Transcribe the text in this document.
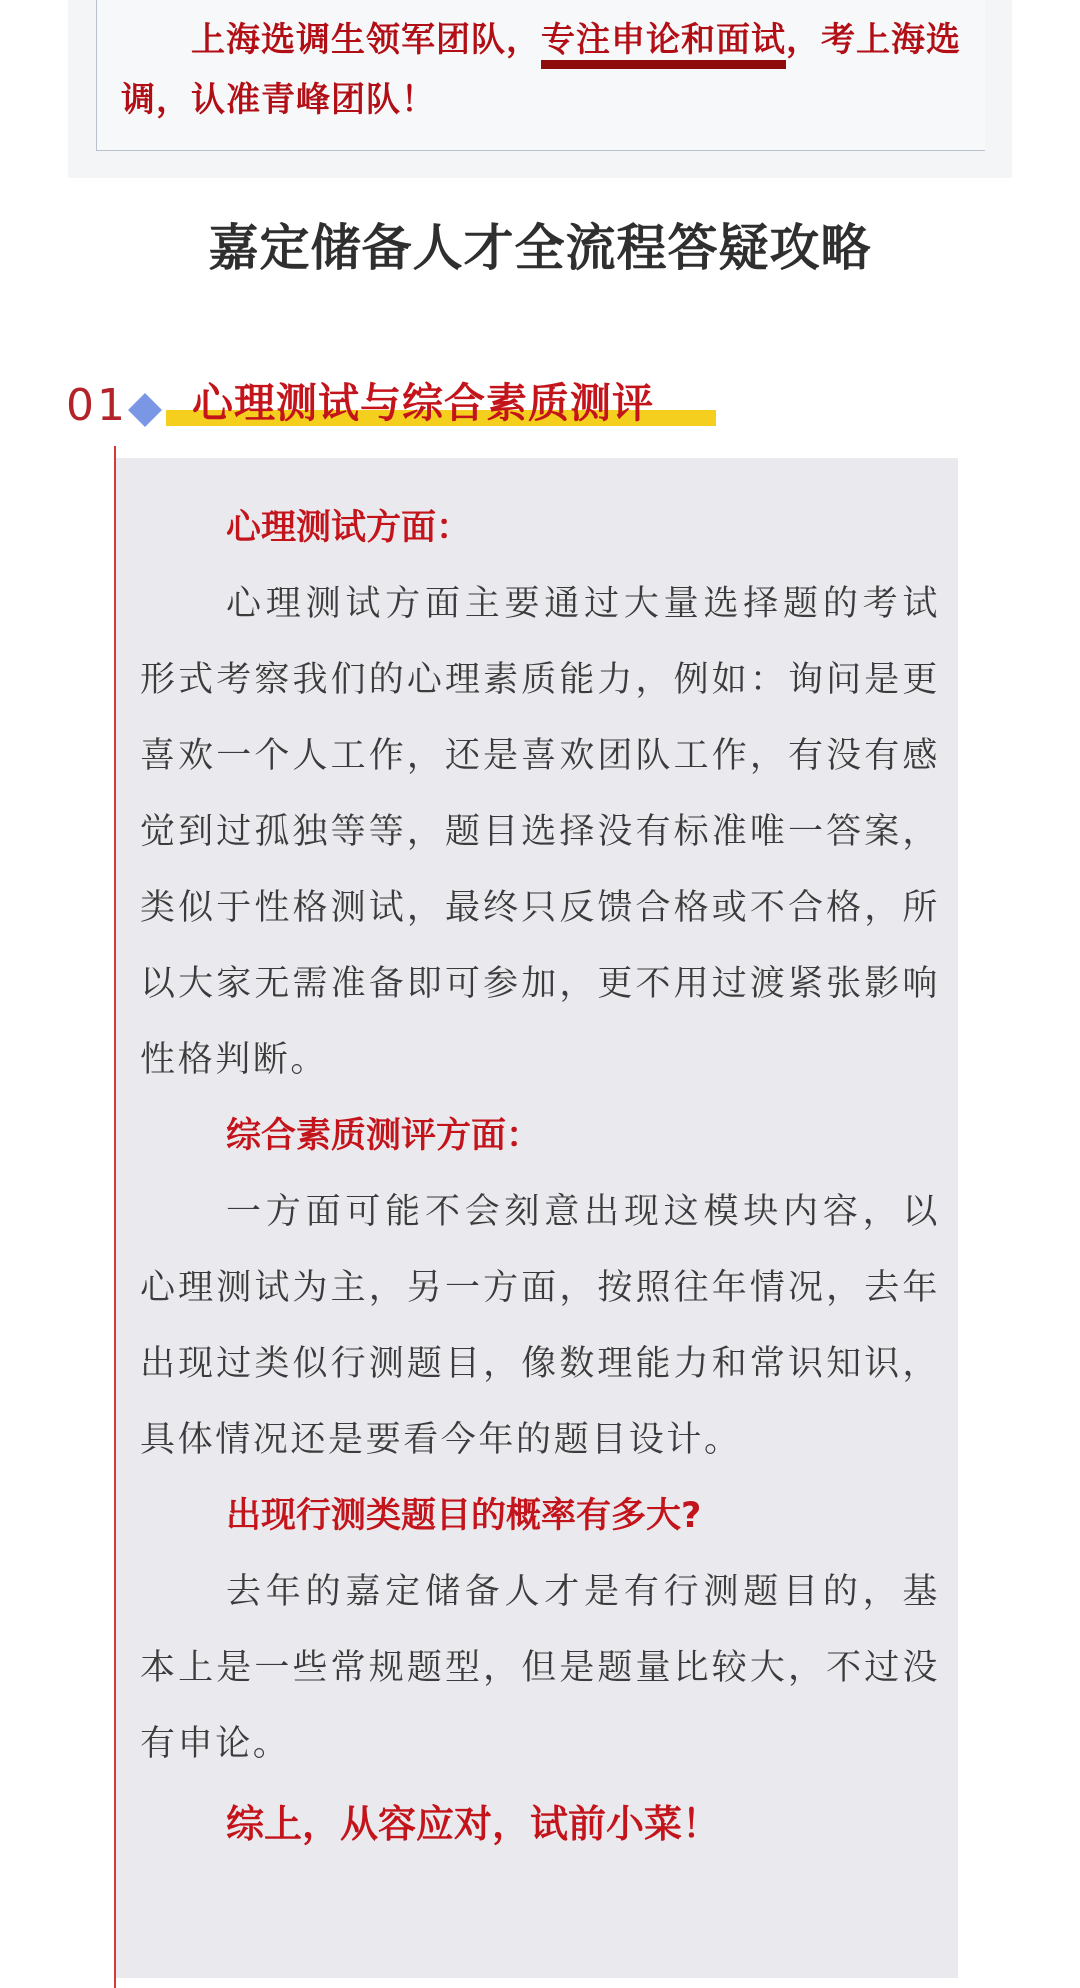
上海选调生领军团队，专注申论和面试，考上海选调，认准青峰团队！
嘉定储备人才全流程答疑攻略
01 心理测试与综合素质测评

心理测试方面：

心理测试方面主要通过大量选择题的考试形式考察我们的心理素质能力，例如：询问是更喜欢一个人工作，还是喜欢团队工作，有没有感觉到过孤独等等，题目选择没有标准唯一答案，类似于性格测试，最终只反馈合格或不合格，所以大家无需准备即可参加，更不用过渡紧张影响性格判断。

综合素质测评方面：

一方面可能不会刻意出现这模块内容，以心理测试为主，另一方面，按照往年情况，去年出现过类似行测题目，像数理能力和常识知识，具体情况还是要看今年的题目设计。

出现行测类题目的概率有多大?

去年的嘉定储备人才是有行测题目的，基本上是一些常规题型，但是题量比较大，不过没有申论。

综上，从容应对，试前小菜！
